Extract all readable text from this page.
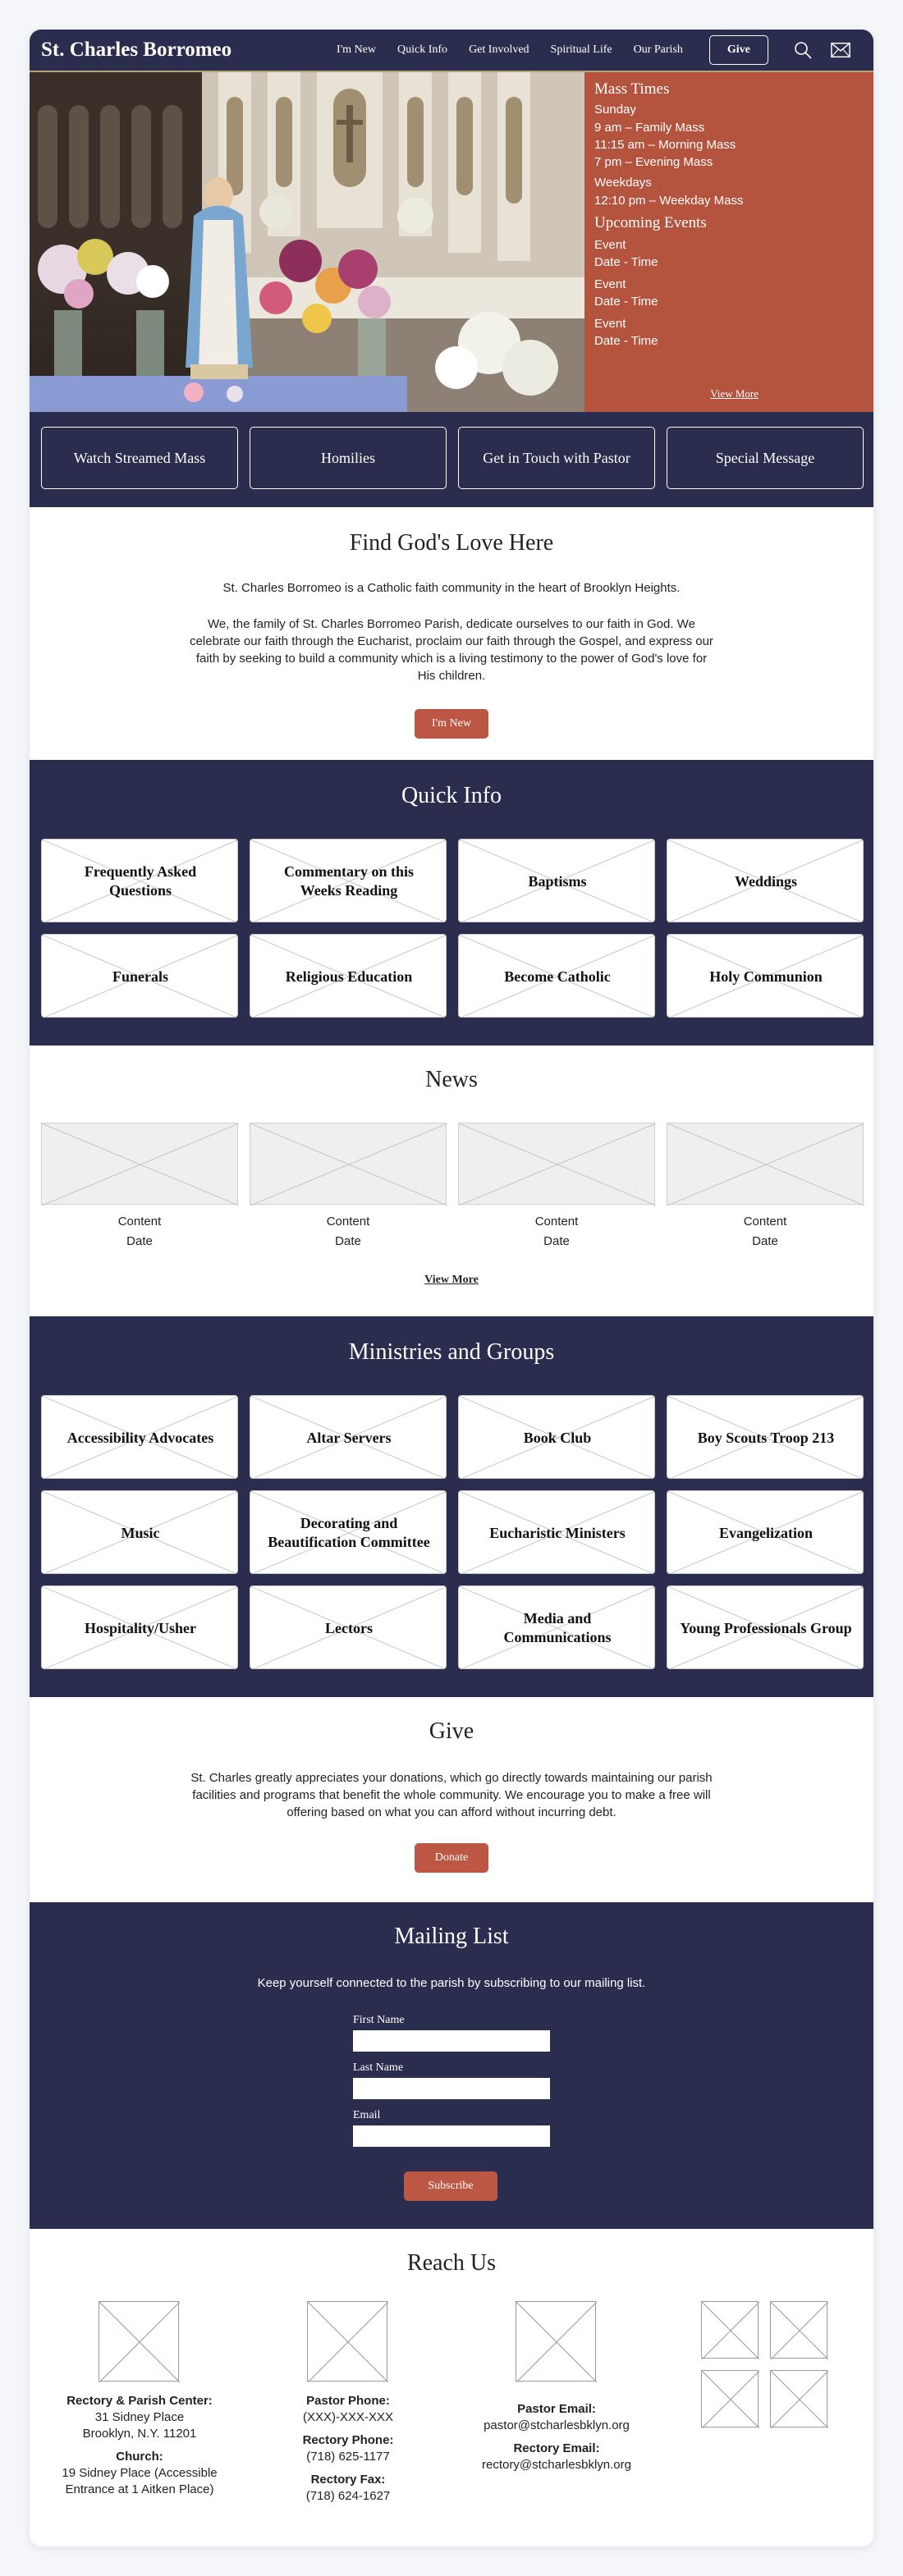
St. Charles Borromeo	I'm New Quick Info Get Involved Spiritual Life Our Parish	Give
Mass Times
Sunday
9 am – Family Mass
11:15 am – Morning Mass
7 pm – Evening Mass
Weekdays
12:10 pm – Weekday Mass
Upcoming Events
Event
Date - Time
Event
Date - Time
Event
Date - Time
View More
Watch Streamed Mass	Homilies	Get in Touch with Pastor	Special Message
Find God's Love Here
St. Charles Borromeo is a Catholic faith community in the heart of Brooklyn Heights.
We, the family of St. Charles Borromeo Parish, dedicate ourselves to our faith in God. We celebrate our faith through the Eucharist, proclaim our faith through the Gospel, and express our faith by seeking to build a community which is a living testimony to the power of God's love for His children.
I'm New
Quick Info
Frequently Asked Questions
Commentary on this Weeks Reading
Baptisms	Weddings
Funerals	Religious Education	Become Catholic	Holy Communion
News
Content
Date
Content
Date
Content
Date
Content
Date
View More
Ministries and Groups
Accessibility Advocates	Altar Servers	Book Club	Boy Scouts Troop 213
Music
Decorating and Beautification Committee
Eucharistic Ministers	Evangelization
Hospitality/Usher	Lectors
Media and Communications
Young Professionals Group
Give
St. Charles greatly appreciates your donations, which go directly towards maintaining our parish facilities and programs that benefit the whole community. We encourage you to make a free will offering based on what you can afford without incurring debt.
Donate
Mailing List
Keep yourself connected to the parish by subscribing to our mailing list.
First Name
Last Name
Email
Subscribe
Reach Us
Rectory & Parish Center:
31 Sidney Place
Brooklyn, N.Y. 11201
Church:
19 Sidney Place (Accessible
Entrance at 1 Aitken Place)
Pastor Phone:
(XXX)-XXX-XXX
Rectory Phone:
(718) 625-1177
Rectory Fax:
(718) 624-1627
Pastor Email:
pastor@stcharlesbklyn.org
Rectory Email:
rectory@stcharlesbklyn.org
